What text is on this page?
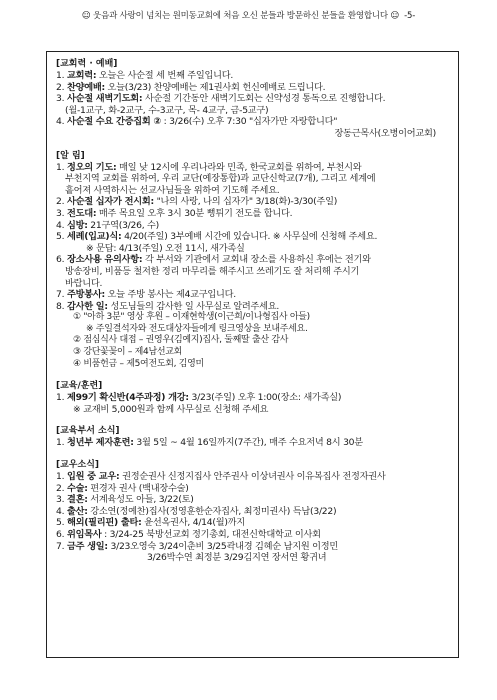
☺ 웃음과 사랑이 넘치는 원미동교회에 처음 오신 분들과 방문하신 분들을 환영합니다 ☺ -5-

[교회력 · 예배]

1. 교회력: 오늘은 사순절 세 번째 주일입니다.

2. 찬양예배: 오늘(3/23) 찬양예배는 제1권사회 헌신예배로 드립니다.

3. 사순절 새벽기도회: 사순절 기간동안 새벽기도회는 신약성경 통독으로 진행합니다.

(월-1교구, 화-2교구, 수-3교구, 목- 4교구, 금-5교구)

4. 사순절 수요 간증집회 ② : 3/26(수) 오후 7:30 "십자가만 자랑합니다"

장동근목사(오병이어교회)

[알 림]

1. 정오의 기도: 매일 낮 12시에 우리나라와 민족, 한국교회를 위하여, 부천시와

부천지역 교회를 위하여, 우리 교단(예장통합)과 교단신학교(7개), 그리고 세계에

흩어져 사역하시는 선교사님들을 위하여 기도해 주세요.

2. 사순절 십자가 전시회: "나의 사랑, 나의 십자가" 3/18(화)-3/30(주일)

3. 전도대: 매주 목요일 오후 3시 30분 뻥튀기 전도를 합니다.

4. 심방: 21구역(3/26, 수)

5. 세례(입교)식: 4/20(주일) 3부예배 시간에 있습니다. ※ 사무실에 신청해 주세요.

※ 문답: 4/13(주일) 오전 11시, 새가족실

6. 장소사용 유의사항: 각 부서와 기관에서 교회내 장소를 사용하신 후에는 전기와

방송장비, 비품등 철저한 정리 마무리를 해주시고 쓰레기도 잘 처리해 주시기

바랍니다.

7. 주방봉사: 오늘 주방 봉사는 제4교구입니다.

8. 감사한 일: 성도님들의 감사한 일 사무실로 알려주세요.

① "아하 3분" 영상 후원 – 이재현학생(이근희/이나형집사 아들)

※ 주일결석자와 전도대상자들에게 링크영상을 보내주세요.

② 점심식사 대접 – 권영우(김예지)집사, 둘째딸 출산 감사

③ 강단꽃꽂이 – 제4남선교회

④ 비품헌금 – 제5여전도회, 김영미

[교육/훈련]

1. 제99기 확신반(4주과정) 개강: 3/23(주일) 오후 1:00(장소: 새가족실)

※ 교재비 5,000원과 함께 사무실로 신청해 주세요

[교육부서 소식]

1. 청년부 제자훈련: 3월 5일 ~ 4월 16일까지(7주간), 매주 수요저녁 8시 30분

[교우소식]

1. 입원 중 교우: 권정순권사 신정지집사 안주권사 이상녀권사 이유복집사 전정자권사

2. 수술: 편경자 권사 (백내장수술)

3. 결혼: 서계육성도 아들, 3/22(토)

4. 출산: 강소연(정예찬)집사(정영훈한순자집사, 최정미권사) 득남(3/22)

5. 해외(필리핀) 출타: 윤선옥권사, 4/14(월)까지

6. 위임목사 : 3/24-25 북방선교회 정기총회, 대전신학대학교 이사회

7. 금주 생일: 3/23오영숙 3/24이춘비 3/25곽내경 김혜순 남지원 이정민

3/26박수연 최정분 3/29김지연 장서연 황귀녀
